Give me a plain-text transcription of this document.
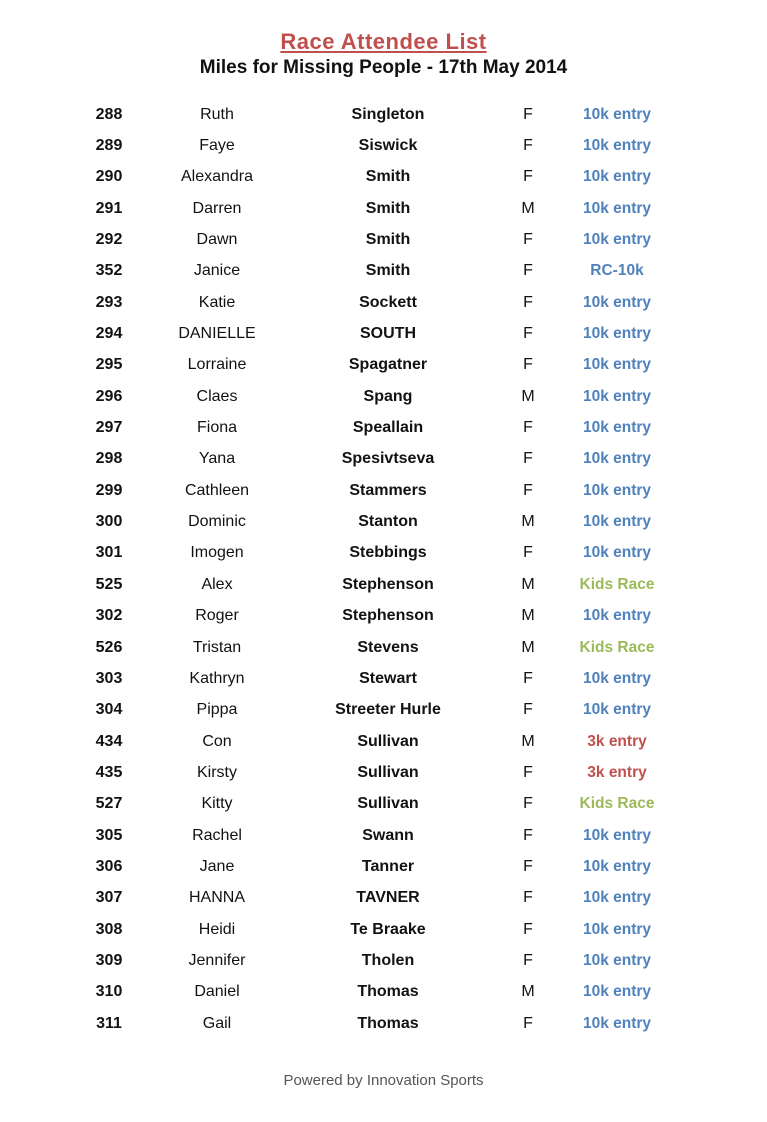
Race Attendee List
Miles for Missing People - 17th May 2014
288	Ruth	Singleton	F	10k entry
289	Faye	Siswick	F	10k entry
290	Alexandra	Smith	F	10k entry
291	Darren	Smith	M	10k entry
292	Dawn	Smith	F	10k entry
352	Janice	Smith	F	RC-10k
293	Katie	Sockett	F	10k entry
294	DANIELLE	SOUTH	F	10k entry
295	Lorraine	Spagatner	F	10k entry
296	Claes	Spang	M	10k entry
297	Fiona	Speallain	F	10k entry
298	Yana	Spesivtseva	F	10k entry
299	Cathleen	Stammers	F	10k entry
300	Dominic	Stanton	M	10k entry
301	Imogen	Stebbings	F	10k entry
525	Alex	Stephenson	M	Kids Race
302	Roger	Stephenson	M	10k entry
526	Tristan	Stevens	M	Kids Race
303	Kathryn	Stewart	F	10k entry
304	Pippa	Streeter Hurle	F	10k entry
434	Con	Sullivan	M	3k entry
435	Kirsty	Sullivan	F	3k entry
527	Kitty	Sullivan	F	Kids Race
305	Rachel	Swann	F	10k entry
306	Jane	Tanner	F	10k entry
307	HANNA	TAVNER	F	10k entry
308	Heidi	Te Braake	F	10k entry
309	Jennifer	Tholen	F	10k entry
310	Daniel	Thomas	M	10k entry
311	Gail	Thomas	F	10k entry
Powered by Innovation Sports
